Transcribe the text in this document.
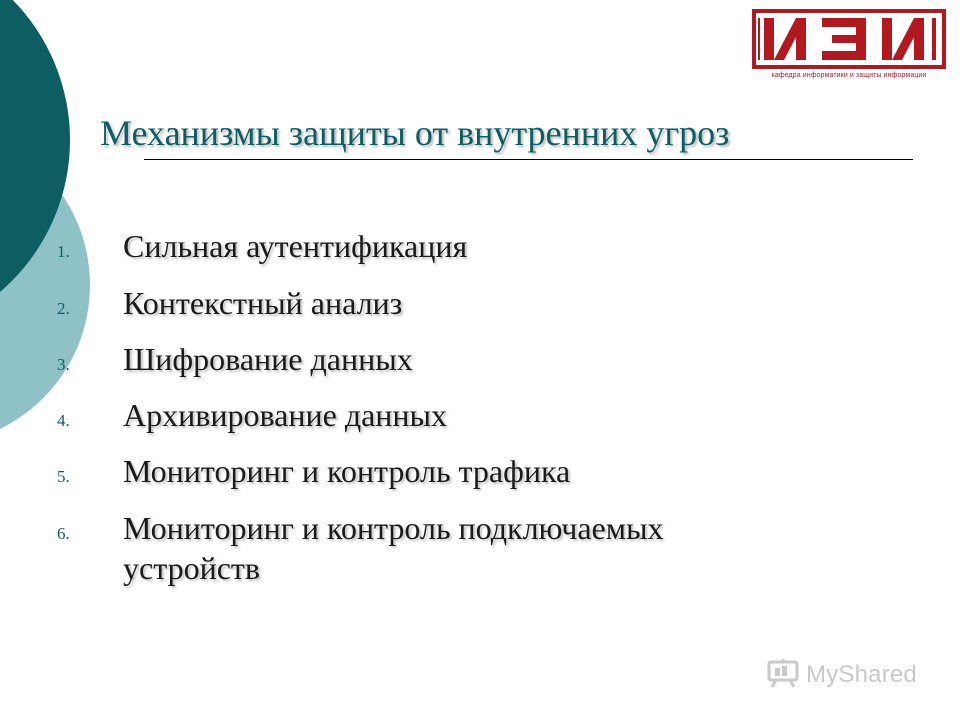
кафедра информатики и защиты информации
Механизмы защиты от внутренних угроз
1.	Сильная аутентификация
2.	Контекстный анализ
3.	Шифрование данных
4.	Архивирование данных
5.	Мониторинг и контроль трафика
6.	Мониторинг и контроль подключаемых устройств
MyShared
